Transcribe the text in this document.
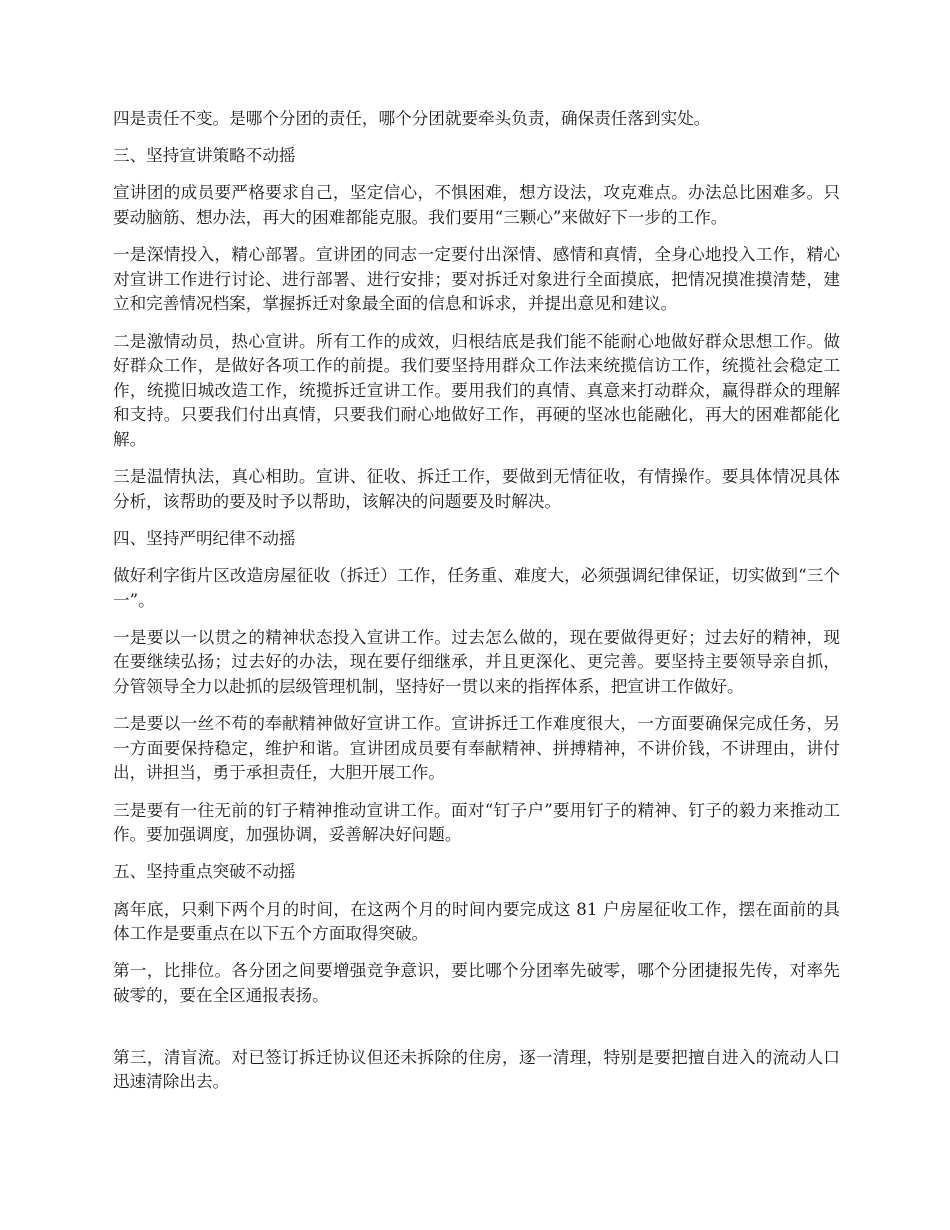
四是责任不变。是哪个分团的责任，哪个分团就要牵头负责，确保责任落到实处。

三、坚持宣讲策略不动摇

宣讲团的成员要严格要求自己，坚定信心，不惧困难，想方设法，攻克难点。办法总比困难多。只要动脑筋、想办法，再大的困难都能克服。我们要用“三颗心”来做好下一步的工作。

一是深情投入，精心部署。宣讲团的同志一定要付出深情、感情和真情，全身心地投入工作，精心对宣讲工作进行讨论、进行部署、进行安排；要对拆迁对象进行全面摸底，把情况摸准摸清楚，建立和完善情况档案，掌握拆迁对象最全面的信息和诉求，并提出意见和建议。

二是激情动员，热心宣讲。所有工作的成效，归根结底是我们能不能耐心地做好群众思想工作。做好群众工作，是做好各项工作的前提。我们要坚持用群众工作法来统揽信访工作，统揽社会稳定工作，统揽旧城改造工作，统揽拆迁宣讲工作。要用我们的真情、真意来打动群众，赢得群众的理解和支持。只要我们付出真情，只要我们耐心地做好工作，再硬的坚冰也能融化，再大的困难都能化解。

三是温情执法，真心相助。宣讲、征收、拆迁工作，要做到无情征收，有情操作。要具体情况具体分析，该帮助的要及时予以帮助，该解决的问题要及时解决。

四、坚持严明纪律不动摇

做好利字街片区改造房屋征收（拆迁）工作，任务重、难度大，必须强调纪律保证，切实做到“三个一”。

一是要以一以贯之的精神状态投入宣讲工作。过去怎么做的，现在要做得更好；过去好的精神，现在要继续弘扬；过去好的办法，现在要仔细继承，并且更深化、更完善。要坚持主要领导亲自抓，分管领导全力以赴抓的层级管理机制，坚持好一贯以来的指挥体系，把宣讲工作做好。

二是要以一丝不苟的奉献精神做好宣讲工作。宣讲拆迁工作难度很大，一方面要确保完成任务，另一方面要保持稳定，维护和谐。宣讲团成员要有奉献精神、拼搏精神，不讲价钱，不讲理由，讲付出，讲担当，勇于承担责任，大胆开展工作。

三是要有一往无前的钉子精神推动宣讲工作。面对“钉子户”要用钉子的精神、钉子的毅力来推动工作。要加强调度，加强协调，妥善解决好问题。

五、坚持重点突破不动摇

离年底，只剩下两个月的时间，在这两个月的时间内要完成这 81 户房屋征收工作，摆在面前的具体工作是要重点在以下五个方面取得突破。

第一，比排位。各分团之间要增强竞争意识，要比哪个分团率先破零，哪个分团捷报先传，对率先破零的，要在全区通报表扬。

第三，清盲流。对已签订拆迁协议但还未拆除的住房，逐一清理，特别是要把擅自进入的流动人口迅速清除出去。
